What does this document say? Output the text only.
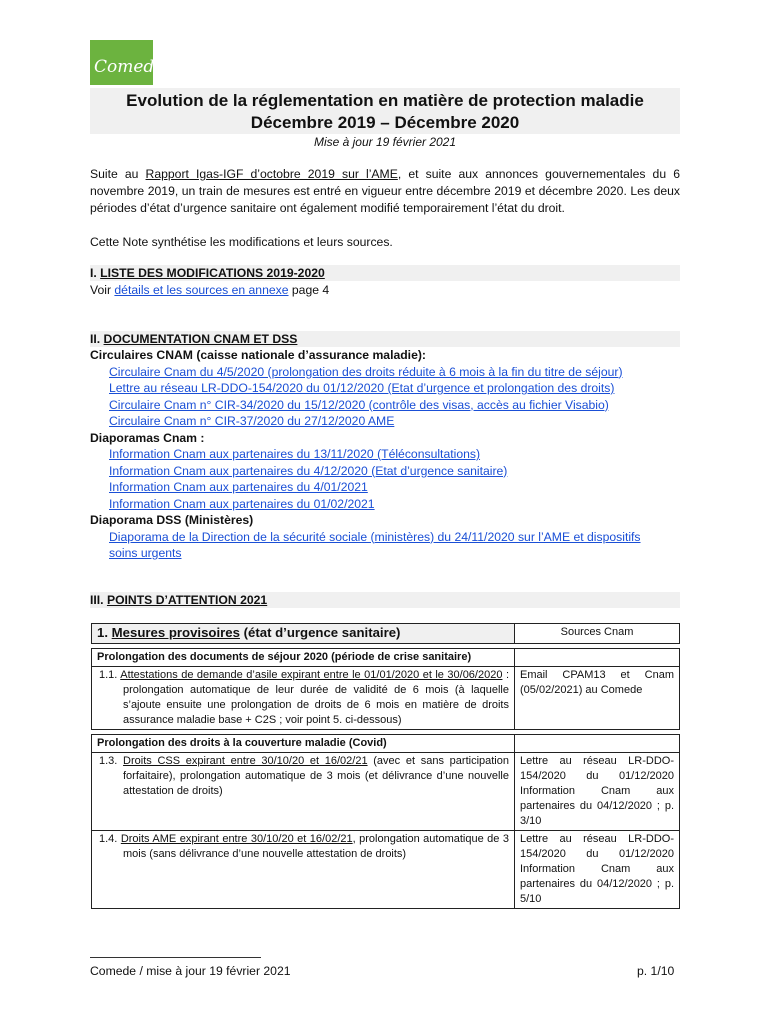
Comede
Evolution de la réglementation en matière de protection maladie
Décembre 2019 – Décembre 2020
Mise à jour 19 février 2021
Suite au Rapport Igas-IGF d’octobre 2019 sur l’AME, et suite aux annonces gouvernementales du 6 novembre 2019, un train de mesures est entré en vigueur entre décembre 2019 et décembre 2020. Les deux périodes d’état d’urgence sanitaire ont également modifié temporairement l’état du droit.
Cette Note synthétise les modifications et leurs sources.
I. LISTE DES MODIFICATIONS 2019-2020
Voir détails et les sources en annexe page 4
II. DOCUMENTATION CNAM ET DSS
Circulaires CNAM (caisse nationale d’assurance maladie):
Circulaire Cnam du 4/5/2020 (prolongation des droits réduite à 6 mois à la fin du titre de séjour)
Lettre au réseau LR-DDO-154/2020 du 01/12/2020 (Etat d’urgence et prolongation des droits)
Circulaire Cnam n° CIR-34/2020 du 15/12/2020 (contrôle des visas, accès au fichier Visabio)
Circulaire Cnam n° CIR-37/2020 du 27/12/2020 AME
Diaporamas Cnam :
Information Cnam aux partenaires du 13/11/2020 (Téléconsultations)
Information Cnam aux partenaires du 4/12/2020 (Etat d’urgence sanitaire)
Information Cnam aux partenaires du 4/01/2021
Information Cnam aux partenaires du 01/02/2021
Diaporama DSS (Ministères)
Diaporama de la Direction de la sécurité sociale (ministères) du 24/11/2020 sur l’AME et dispositifs
soins urgents
III. POINTS D’ATTENTION 2021
1. Mesures provisoires (état d’urgence sanitaire)	Sources Cnam

Prolongation des documents de séjour 2020 (période de crise sanitaire)	

1.1. Attestations de demande d’asile expirant entre le 01/01/2020 et le 30/06/2020 : prolongation automatique de leur durée de validité de 6 mois (à laquelle s’ajoute ensuite une prolongation de droits de 6 mois en matière de droits assurance maladie base + C2S ; voir point 5. ci-dessous)	Email CPAM13 et Cnam (05/02/2021) au Comede

Prolongation des droits à la couverture maladie (Covid)	

1.3. Droits CSS expirant entre 30/10/20 et 16/02/21 (avec et sans participation forfaitaire), prolongation automatique de 3 mois (et délivrance d’une nouvelle attestation de droits)	Lettre au réseau LR-DDO-154/2020 du 01/12/2020 Information Cnam aux partenaires du 04/12/2020 ; p. 3/10

1.4. Droits AME expirant entre 30/10/20 et 16/02/21, prolongation automatique de 3 mois (sans délivrance d’une nouvelle attestation de droits)	Lettre au réseau LR-DDO-154/2020 du 01/12/2020 Information Cnam aux partenaires du 04/12/2020 ; p. 5/10
Comede / mise à jour 19 février 2021	p. 1/10
